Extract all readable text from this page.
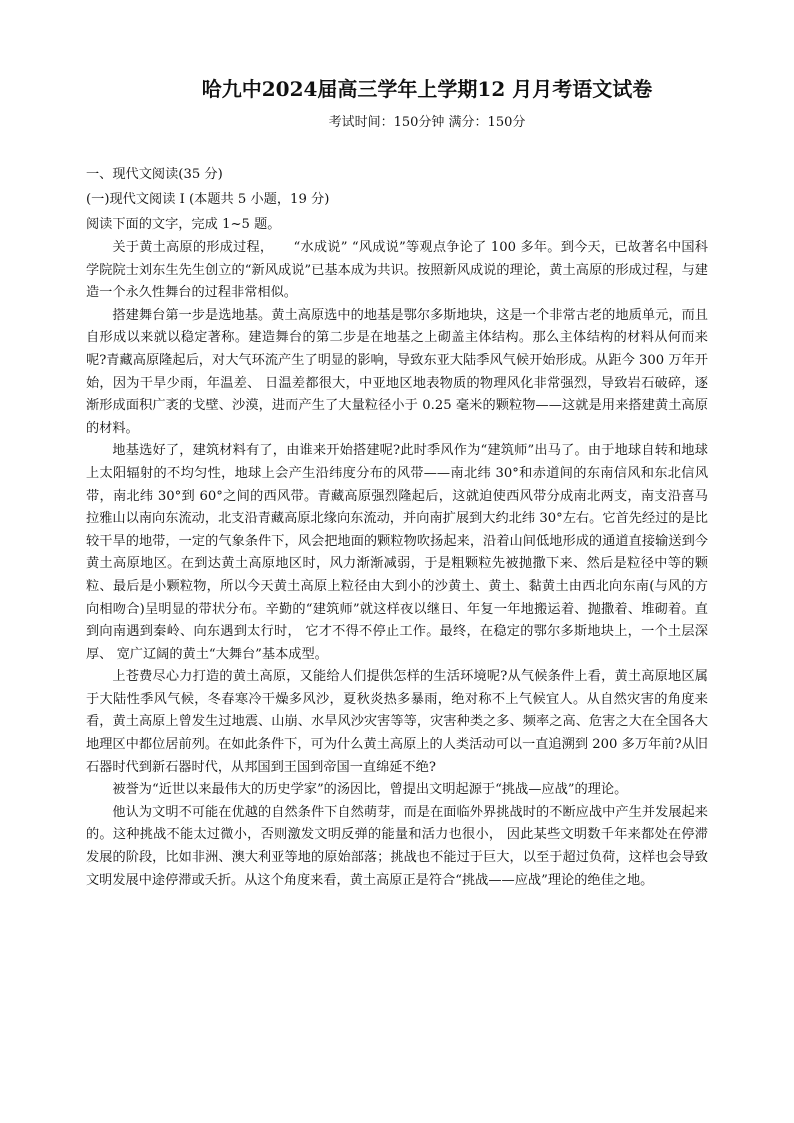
哈九中2024届高三学年上学期12 月月考语文试卷
考试时间：150分钟 满分：150分
一、现代文阅读(35 分)
(一)现代文阅读 I (本题共 5 小题，19 分)
阅读下面的文字，完成 1~5 题。

关于黄土高原的形成过程，　　“水成说” “风成说”等观点争论了 100 多年。到今天，已故著名中国科学院院士刘东生先生创立的“新风成说”已基本成为共识。按照新风成说的理论，黄土高原的形成过程，与建造一个永久性舞台的过程非常相似。

搭建舞台第一步是选地基。黄土高原选中的地基是鄂尔多斯地块，这是一个非常古老的地质单元，而且自形成以来就以稳定著称。建造舞台的第二步是在地基之上砌盖主体结构。那么主体结构的材料从何而来呢?青藏高原隆起后，对大气环流产生了明显的影响，导致东亚大陆季风气候开始形成。从距今 300 万年开始，因为干旱少雨，年温差、 日温差都很大，中亚地区地表物质的物理风化非常强烈，导致岩石破碎，逐渐形成面积广袤的戈壁、沙漠，进而产生了大量粒径小于 0.25 毫米的颗粒物——这就是用来搭建黄土高原的材料。

地基选好了，建筑材料有了，由谁来开始搭建呢?此时季风作为“建筑师”出马了。由于地球自转和地球上太阳辐射的不均匀性，地球上会产生沿纬度分布的风带——南北纬 30°和赤道间的东南信风和东北信风带，南北纬 30°到 60°之间的西风带。青藏高原强烈隆起后，这就迫使西风带分成南北两支，南支沿喜马拉雅山以南向东流动，北支沿青藏高原北缘向东流动，并向南扩展到大约北纬 30°左右。它首先经过的是比较干旱的地带，一定的气象条件下，风会把地面的颗粒物吹扬起来，沿着山间低地形成的通道直接输送到今黄土高原地区。在到达黄土高原地区时，风力渐渐减弱，于是粗颗粒先被抛撒下来、然后是粒径中等的颗粒、最后是小颗粒物，所以今天黄土高原上粒径由大到小的沙黄土、黄土、黏黄土由西北向东南(与风的方向相吻合)呈明显的带状分布。辛勤的“建筑师”就这样夜以继日、年复一年地搬运着、抛撒着、堆砌着。直到向南遇到秦岭、向东遇到太行时， 它才不得不停止工作。最终，在稳定的鄂尔多斯地块上，一个土层深厚、 宽广辽阔的黄土“大舞台”基本成型。

上苍费尽心力打造的黄土高原，又能给人们提供怎样的生活环境呢?从气候条件上看，黄土高原地区属于大陆性季风气候，冬春寒冷干燥多风沙，夏秋炎热多暴雨，绝对称不上气候宜人。从自然灾害的角度来看，黄土高原上曾发生过地震、山崩、水旱风沙灾害等等，灾害种类之多、频率之高、危害之大在全国各大地理区中都位居前列。在如此条件下，可为什么黄土高原上的人类活动可以一直追溯到 200 多万年前?从旧石器时代到新石器时代，从邦国到王国到帝国一直绵延不绝?

被誉为“近世以来最伟大的历史学家”的汤因比，曾提出文明起源于“挑战—应战”的理论。

他认为文明不可能在优越的自然条件下自然萌芽，而是在面临外界挑战时的不断应战中产生并发展起来的。这种挑战不能太过微小，否则激发文明反弹的能量和活力也很小， 因此某些文明数千年来都处在停滞发展的阶段，比如非洲、澳大利亚等地的原始部落；挑战也不能过于巨大，以至于超过负荷，这样也会导致文明发展中途停滞或夭折。从这个角度来看，黄土高原正是符合“挑战——应战”理论的绝佳之地。
